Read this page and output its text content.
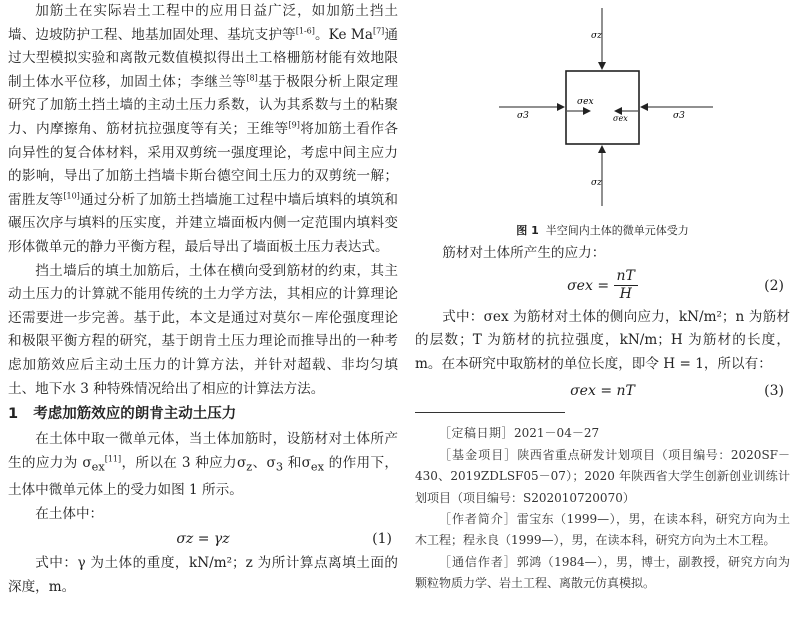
加筋土在实际岩土工程中的应用日益广泛，如加筋土挡土墙、边坡防护工程、地基加固处理、基坑支护等[1-6]。Ke Ma[7]通过大型模拟实验和离散元数值模拟得出土工格栅筋材能有效地限制土体水平位移，加固土体；李继兰等[8]基于极限分析上限定理研究了加筋土挡土墙的主动土压力系数，认为其系数与土的粘聚力、内摩擦角、筋材抗拉强度等有关；王维等[9]将加筋土看作各向异性的复合体材料，采用双剪统一强度理论，考虑中间主应力的影响，导出了加筋土挡墙卡斯台德空间土压力的双剪统一解；雷胜友等[10]通过分析了加筋土挡墙施工过程中墙后填料的填筑和碾压次序与填料的压实度，并建立墙面板内侧一定范围内填料变形体微单元的静力平衡方程，最后导出了墙面板土压力表达式。

挡土墙后的填土加筋后，土体在横向受到筋材的约束，其主动土压力的计算就不能用传统的土力学方法，其相应的计算理论还需要进一步完善。基于此，本文是通过对莫尔－库伦强度理论和极限平衡方程的研究，基于朗肯土压力理论而推导出的一种考虑加筋效应后主动土压力的计算方法，并针对超载、非均匀填土、地下水 3 种特殊情况给出了相应的计算法方法。

1 考虑加筋效应的朗肯主动土压力

在土体中取一微单元体，当土体加筋时，设筋材对土体所产生的应力为 $\sigma_{ex}[11]$，所以在 3 种应力$\sigma_z$、$\sigma_3$ 和$\sigma_{ex}$ 的作用下，土体中微单元体上的受力如图 1 所示。

在土体中：

σz = γz	(1)

式中：γ 为土体的重度，kN/m²；z 为所计算点离填土面的深度，m。

σz
σz
σ3	σ3
σex
σex

图 1 半空间内土体的微单元体受力

筋材对土体所产生的应力：

$\sigma ex = \frac{nT}{H}$	(2)

式中：σex 为筋材对土体的侧向应力，kN/m²；n 为筋材的层数；T 为筋材的抗拉强度，kN/m；H 为筋材的长度，m。在本研究中取筋材的单位长度，即令 H = 1，所以有：

σex = nT	(3)

［定稿日期］2021－04－27

［基金项目］陕西省重点研发计划项目（项目编号：2020SF－430、2019ZDLSF05－07）；2020 年陕西省大学生创新创业训练计划项目（项目编号：S202010720070）

［作者简介］雷宝东（1999—），男，在读本科，研究方向为土木工程；程永良（1999—），男，在读本科，研究方向为土木工程。

［通信作者］郭鸿（1984—），男，博士，副教授，研究方向为颗粒物质力学、岩土工程、离散元仿真模拟。
